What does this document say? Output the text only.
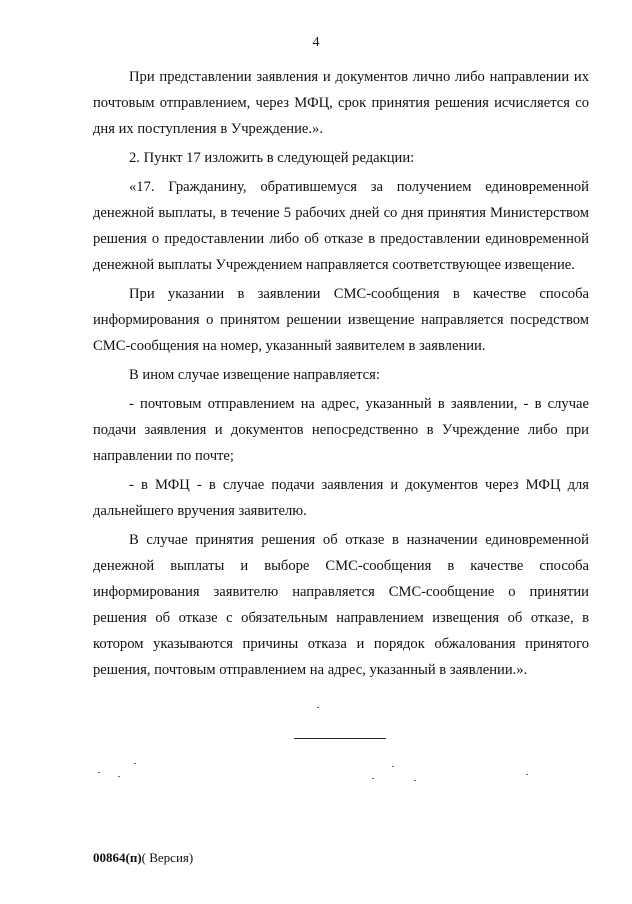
4

При представлении заявления и документов лично либо направлении их почтовым отправлением, через МФЦ, срок принятия решения исчисляется со дня их поступления в Учреждение.».

2. Пункт 17 изложить в следующей редакции:

«17. Гражданину, обратившемуся за получением единовременной денежной выплаты, в течение 5 рабочих дней со дня принятия Министерством решения о предоставлении либо об отказе в предоставлении единовременной денежной выплаты Учреждением направляется соответствующее извещение.

При указании в заявлении СМС-сообщения в качестве способа информирования о принятом решении извещение направляется посредством СМС-сообщения на номер, указанный заявителем в заявлении.

В ином случае извещение направляется:

- почтовым отправлением на адрес, указанный в заявлении, - в случае подачи заявления и документов непосредственно в Учреждение либо при направлении по почте;

- в МФЦ - в случае подачи заявления и документов через МФЦ для дальнейшего вручения заявителю.

В случае принятия решения об отказе в назначении единовременной денежной выплаты и выборе СМС-сообщения в качестве способа информирования заявителю направляется СМС-сообщение о принятии решения об отказе с обязательным направлением извещения об отказе, в котором указываются причины отказа и порядок обжалования принятого решения, почтовым отправлением на адрес, указанный в заявлении.».

00864(п)( Версия)
